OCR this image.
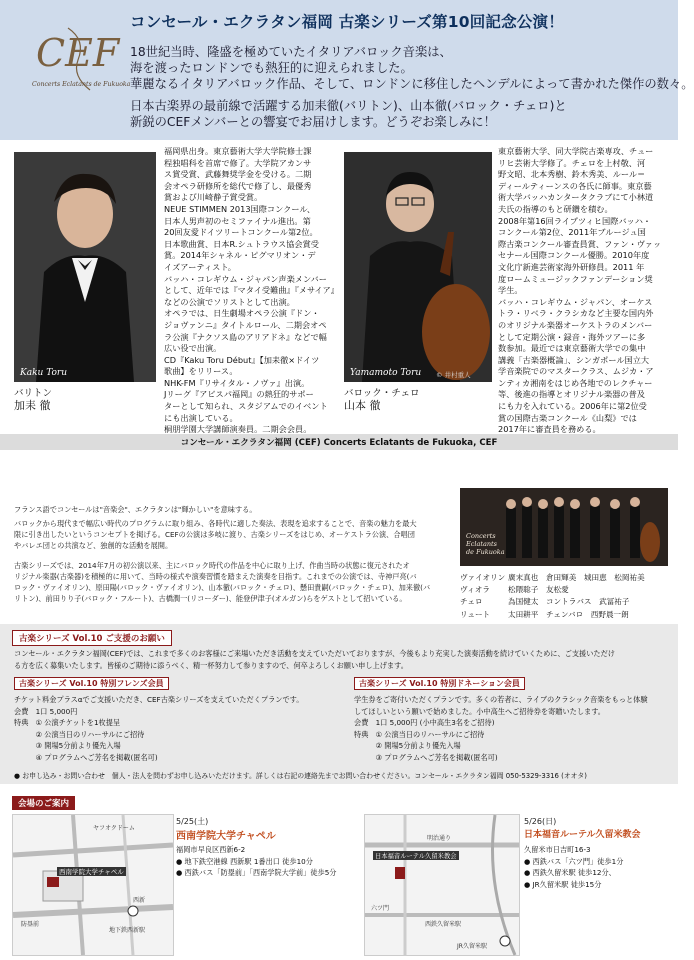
CEF
Concerts Eclatants de Fukuoka
コンセール・エクラタン福岡 古楽シリーズ第10回記念公演！
18世紀当時、隆盛を極めていたイタリアバロック音楽は、
海を渡ったロンドンでも熱狂的に迎えられました。
華麗なるイタリアバロック作品、そして、ロンドンに移住したヘンデルによって書かれた傑作の数々。
日本古楽界の最前線で活躍する加耒徹(バリトン)、山本徹(バロック・チェロ)と
新鋭のCEFメンバーとの響宴でお届けします。どうぞお楽しみに！
Kaku Toru
バリトン
加耒 徹
福岡県出身。東京藝術大学大学院修士課
程独唱科を首席で修了。大学院アカンサ
ス賞受賞、武藤舞奨学金を受ける。二期
会オペラ研修所を総代で修了し、最優秀
賞および川崎静子賞受賞。
NEUE STIMMEN 2013国際コンクール、
日本人男声初のセミファイナル進出。第
20回友愛ドイツリートコンクール第2位。
日本歌曲賞、日本R.シュトラウス協会賞受
賞。2014年シャネル・ピグマリオン・デ
イズアーティスト。
バッハ・コレギウム・ジャパン声楽メンバー
として、近年では『マタイ受難曲』『メサイア』
などの公演でソリストとして出演。
オペラでは、日生劇場オペラ公演『ドン・
ジョヴァンニ』タイトルロール、二期会オペ
ラ公演『ナクソス島のアリアドネ』などで幅
広い役で出演。
CD『Kaku Toru Début』【加耒徹×ドイツ
歌曲】をリリース。
NHK-FM『リサイタル・ノヴァ』出演。
Jリーグ『アビスパ福岡』の熱狂的サポー
ターとして知られ、スタジアムでのイベント
にも出演している。
桐朋学園大学講師演奏員。二期会会員。
Yamamoto Toru © 井村重人
バロック・チェロ
山本 徹
東京藝術大学、同大学院古楽専攻、チュー
リヒ芸術大学修了。チェロを上村敬、河
野文昭、北本秀樹、鈴木秀美、ルール＝
ディールティーンスの各氏に師事。東京藝
術大学バッハカンタータクラブにて小林道
夫氏の指導のもと研鑽を積む。
2008年第16回ライプツィヒ国際バッハ・
コンクール第2位、2011年ブルージュ国
際古楽コンクール審査員賞、ファン・ヴァッ
セナール国際コンクール優勝。2010年度
文化庁新進芸術家海外研修員。2011 年
度ロームミュージックファンデーション奨
学生。
バッハ・コレギウム・ジャパン、オーケス
トラ・リベラ・クラシカなど主要な国内外
のオリジナル楽器オーケストラのメンバー
として定期公演・録音・海外ツアーに多
数参加。最近では東京藝術大学での集中
講義「古楽器概論」、シンガポール国立大
学音楽院でのマスタークラス、ムジカ・ア
ンティカ湘南をはじめ各地でのレクチャー
等、後進の指導とオリジナル楽器の普及
にも力を入れている。2006年に第2位受
賞の国際古楽コンクール《山梨》では
2017年に審査員を務める。
コンセール・エクラタン福岡 (CEF) Concerts Eclatants de Fukuoka, CEF
フランス語でコンセールは"音楽会"、エクラタンは"輝かしい"を意味する。
バロックから現代まで幅広い時代のプログラムに取り組み、各時代に適した奏法、表現を追求することで、音楽の魅力を最大
限に引き出したいというコンセプトを掲げる。CEFの公演は多岐に渡り、古楽シリーズをはじめ、オーケストラ公演、合唱団
やバレエ団との共演など、独創的な活動を展開。
古楽シリーズでは、2014年7月の初公演以来、主にバロック時代の作品を中心に取り上げ、作曲当時の状態に復元されたオ
リジナル楽器(古楽器)を積極的に用いて、当時の様式や演奏習慣を踏まえた演奏を目指す。これまでの公演では、寺神戸亮(バ
ロック・ヴァイオリン)、原田陽(バロック・ヴァイオリン)、山本徹(バロック・チェロ)、懸田貴嗣(バロック・チェロ)、加来徹(バ
リトン)、前田りり子(バロック・フルート)、古橋潤一(リコーダー)、能登伊津子(オルガン)らをゲストとして招いている。
Concerts Eclatants de Fukuoka
ヴァイオリン 廣末真也　倉田輝美　城田恵　松岡祐美
ヴィオラ 松隈聡子　友松愛
チェロ	為国健太　コントラバス　武冨祐子
リュート 太田耕平　チェンバロ　西野晨一朗
古楽シリーズ Vol.10 ご支援のお願い
コンセール・エクラタン福岡(CEF)では、これまで多くのお客様にご来場いただき活動を支えていただいておりますが、今後もより充実した演奏活動を続けていくために、ご支援いただけ
る方を広く募集いたします。皆様のご期待に添うべく、精一杯努力して参りますので、何卒よろしくお願い申し上げます。
古楽シリーズ Vol.10 特別フレンズ会員
チケット料金プラスαでご支援いただき、CEF古楽シリーズを支えていただくプランです。
会費　1口 5,000円
特典　① 公演チケットを1枚提呈
　　　② 公演当日のリハーサルにご招待
　　　③ 開場5分前より優先入場
　　　④ プログラムへご芳名を掲載(匿名可)
古楽シリーズ Vol.10 特別ドネーション会員
学生券をご寄付いただくプランです。多くの若者に、ライブのクラシック音楽をもっと体験
してほしいという願いで始めました。小中高生へご招待券を寄贈いたします。
会費　1口 5,000円 (小中高生3名をご招待)
特典　① 公演当日のリハーサルにご招待
　　　② 開場5分前より優先入場
　　　③ プログラムへご芳名を掲載(匿名可)
● お申し込み・お問い合わせ　個人・法人を問わずお申し込みいただけます。詳しくは右記の連絡先までお問い合わせください。コンセール・エクラタン福岡 050-5329-3316 (オオタ)
会場のご案内
西南学院大学チャペル
地下鉄西新駅
ヤフオクドーム
西新
防塁前
5/25(土)
西南学院大学チャペル
福岡市早良区西新6-2
● 地下鉄空港線 西新駅 1番出口 徒歩10分
● 西鉄バス「防塁前」「西南学院大学前」徒歩5分
日本福音ルーテル久留米教会
明治通り
六ツ門
西鉄久留米駅
JR久留米駅
5/26(日)
日本福音ルーテル久留米教会
久留米市日吉町16-3
● 西鉄バス「六ツ門」徒歩1分
● 西鉄久留米駅 徒歩12分、
● JR久留米駅 徒歩15分
